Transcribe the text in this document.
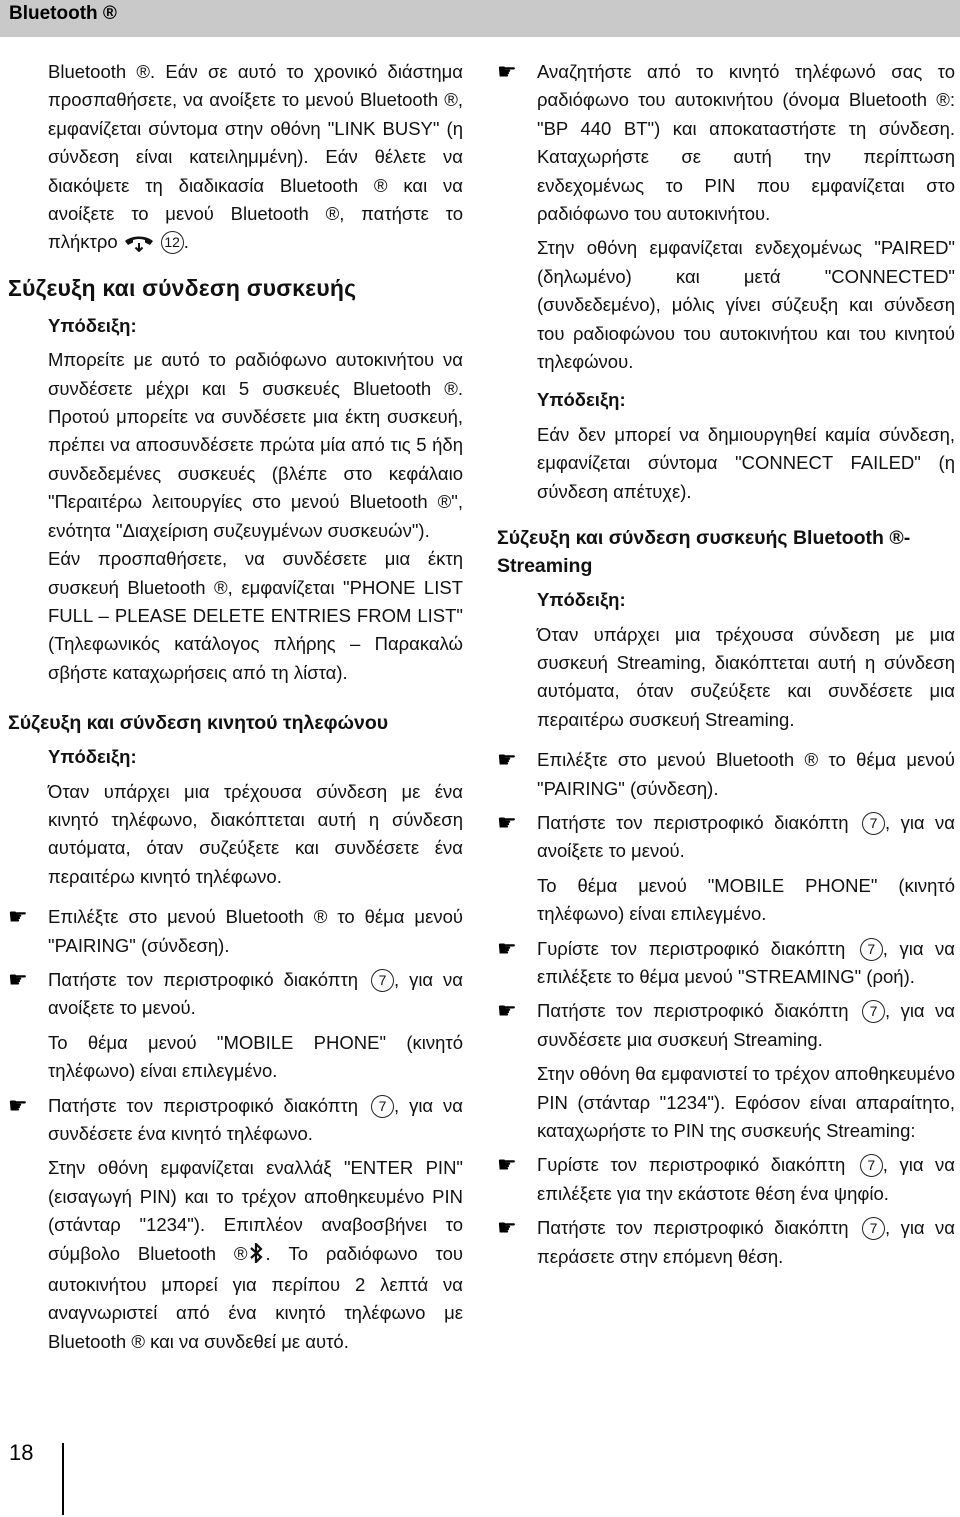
Bluetooth ®

Bluetooth ®. Εάν σε αυτό το χρονικό διάστημα προσπαθήσετε, να ανοίξετε το μενού Bluetooth ®, εμφανίζεται σύντομα στην οθόνη "LINK BUSY" (η σύνδεση είναι κατειλημμένη). Εάν θέλετε να διακόψετε τη διαδικασία Bluetooth ® και να ανοίξετε το μενού Bluetooth ®, πατήστε το πλήκτρο	12 .

Σύζευξη και σύνδεση συσκευής
Υπόδειξη:

Μπορείτε με αυτό το ραδιόφωνο αυτοκινήτου να συνδέσετε μέχρι και 5 συσκευές Bluetooth ®. Προτού μπορείτε να συνδέσετε μια έκτη συσκευή, πρέπει να αποσυνδέσετε πρώτα μία από τις 5 ήδη συνδεδεμένες συσκευές (βλέπε στο κεφάλαιο "Περαιτέρω λειτουργίες στο μενού Bluetooth ®", ενότητα "Διαχείριση συζευγμένων συσκευών").

Εάν προσπαθήσετε, να συνδέσετε μια έκτη συσκευή Bluetooth ®, εμφανίζεται "PHONE LIST FULL – PLEASE DELETE ENTRIES FROM LIST" (Τηλεφωνικός κατάλογος πλήρης – Παρακαλώ σβήστε καταχωρήσεις από τη λίστα).

Σύζευξη και σύνδεση κινητού τηλεφώνου
Υπόδειξη:

Όταν υπάρχει μια τρέχουσα σύνδεση με ένα κινητό τηλέφωνο, διακόπτεται αυτή η σύνδεση αυτόματα, όταν συζεύξετε και συνδέσετε ένα περαιτέρω κινητό τηλέφωνο.

☛ Επιλέξτε στο μενού Bluetooth ® το θέμα μενού "PAIRING" (σύνδεση).

☛ Πατήστε τον περιστροφικό διακόπτη 7 , για να ανοίξετε το μενού.

Το θέμα μενού "MOBILE PHONE" (κινητό τηλέφωνο) είναι επιλεγμένο.

☛ Πατήστε τον περιστροφικό διακόπτη 7 , για να συνδέσετε ένα κινητό τηλέφωνο.

Στην οθόνη εμφανίζεται εναλλάξ "ENTER PIN" (εισαγωγή PIN) και το τρέχον αποθηκευμένο PIN (στάνταρ "1234"). Επιπλέον αναβοσβήνει το σύμβολο Bluetooth ® . Το ραδιόφωνο του αυτοκινήτου μπορεί για περίπου 2 λεπτά να αναγνωριστεί από ένα κινητό τηλέφωνο με Bluetooth ® και να συνδεθεί με αυτό.

☛ Αναζητήστε από το κινητό τηλέφωνό σας το ραδιόφωνο του αυτοκινήτου (όνομα Bluetooth ®: "BP 440 BT") και αποκαταστήστε τη σύνδεση. Καταχωρήστε σε αυτή την περίπτωση ενδεχομένως το PIN που εμφανίζεται στο ραδιόφωνο του αυτοκινήτου.

Στην οθόνη εμφανίζεται ενδεχομένως "PAIRED" (δηλωμένο) και μετά "CONNECTED" (συνδεδεμένο), μόλις γίνει σύζευξη και σύνδεση του ραδιοφώνου του αυτοκινήτου και του κινητού τηλεφώνου.

Υπόδειξη:

Εάν δεν μπορεί να δημιουργηθεί καμία σύνδεση, εμφανίζεται σύντομα "CONNECT FAILED" (η σύνδεση απέτυχε).

Σύζευξη και σύνδεση συσκευής Bluetooth ®-Streaming
Υπόδειξη:

Όταν υπάρχει μια τρέχουσα σύνδεση με μια συσκευή Streaming, διακόπτεται αυτή η σύνδεση αυτόματα, όταν συζεύξετε και συνδέσετε μια περαιτέρω συσκευή Streaming.

☛ Επιλέξτε στο μενού Bluetooth ® το θέμα μενού "PAIRING" (σύνδεση).

☛ Πατήστε τον περιστροφικό διακόπτη 7 , για να ανοίξετε το μενού.

Το θέμα μενού "MOBILE PHONE" (κινητό τηλέφωνο) είναι επιλεγμένο.

☛ Γυρίστε τον περιστροφικό διακόπτη 7 , για να επιλέξετε το θέμα μενού "STREAMING" (ροή).

☛ Πατήστε τον περιστροφικό διακόπτη 7 , για να συνδέσετε μια συσκευή Streaming.

Στην οθόνη θα εμφανιστεί το τρέχον αποθηκευμένο PIN (στάνταρ "1234"). Εφόσον είναι απαραίτητο, καταχωρήστε το PIN της συσκευής Streaming:

☛ Γυρίστε τον περιστροφικό διακόπτη 7 , για να επιλέξετε για την εκάστοτε θέση ένα ψηφίο.

☛ Πατήστε τον περιστροφικό διακόπτη 7 , για να περάσετε στην επόμενη θέση.

18
